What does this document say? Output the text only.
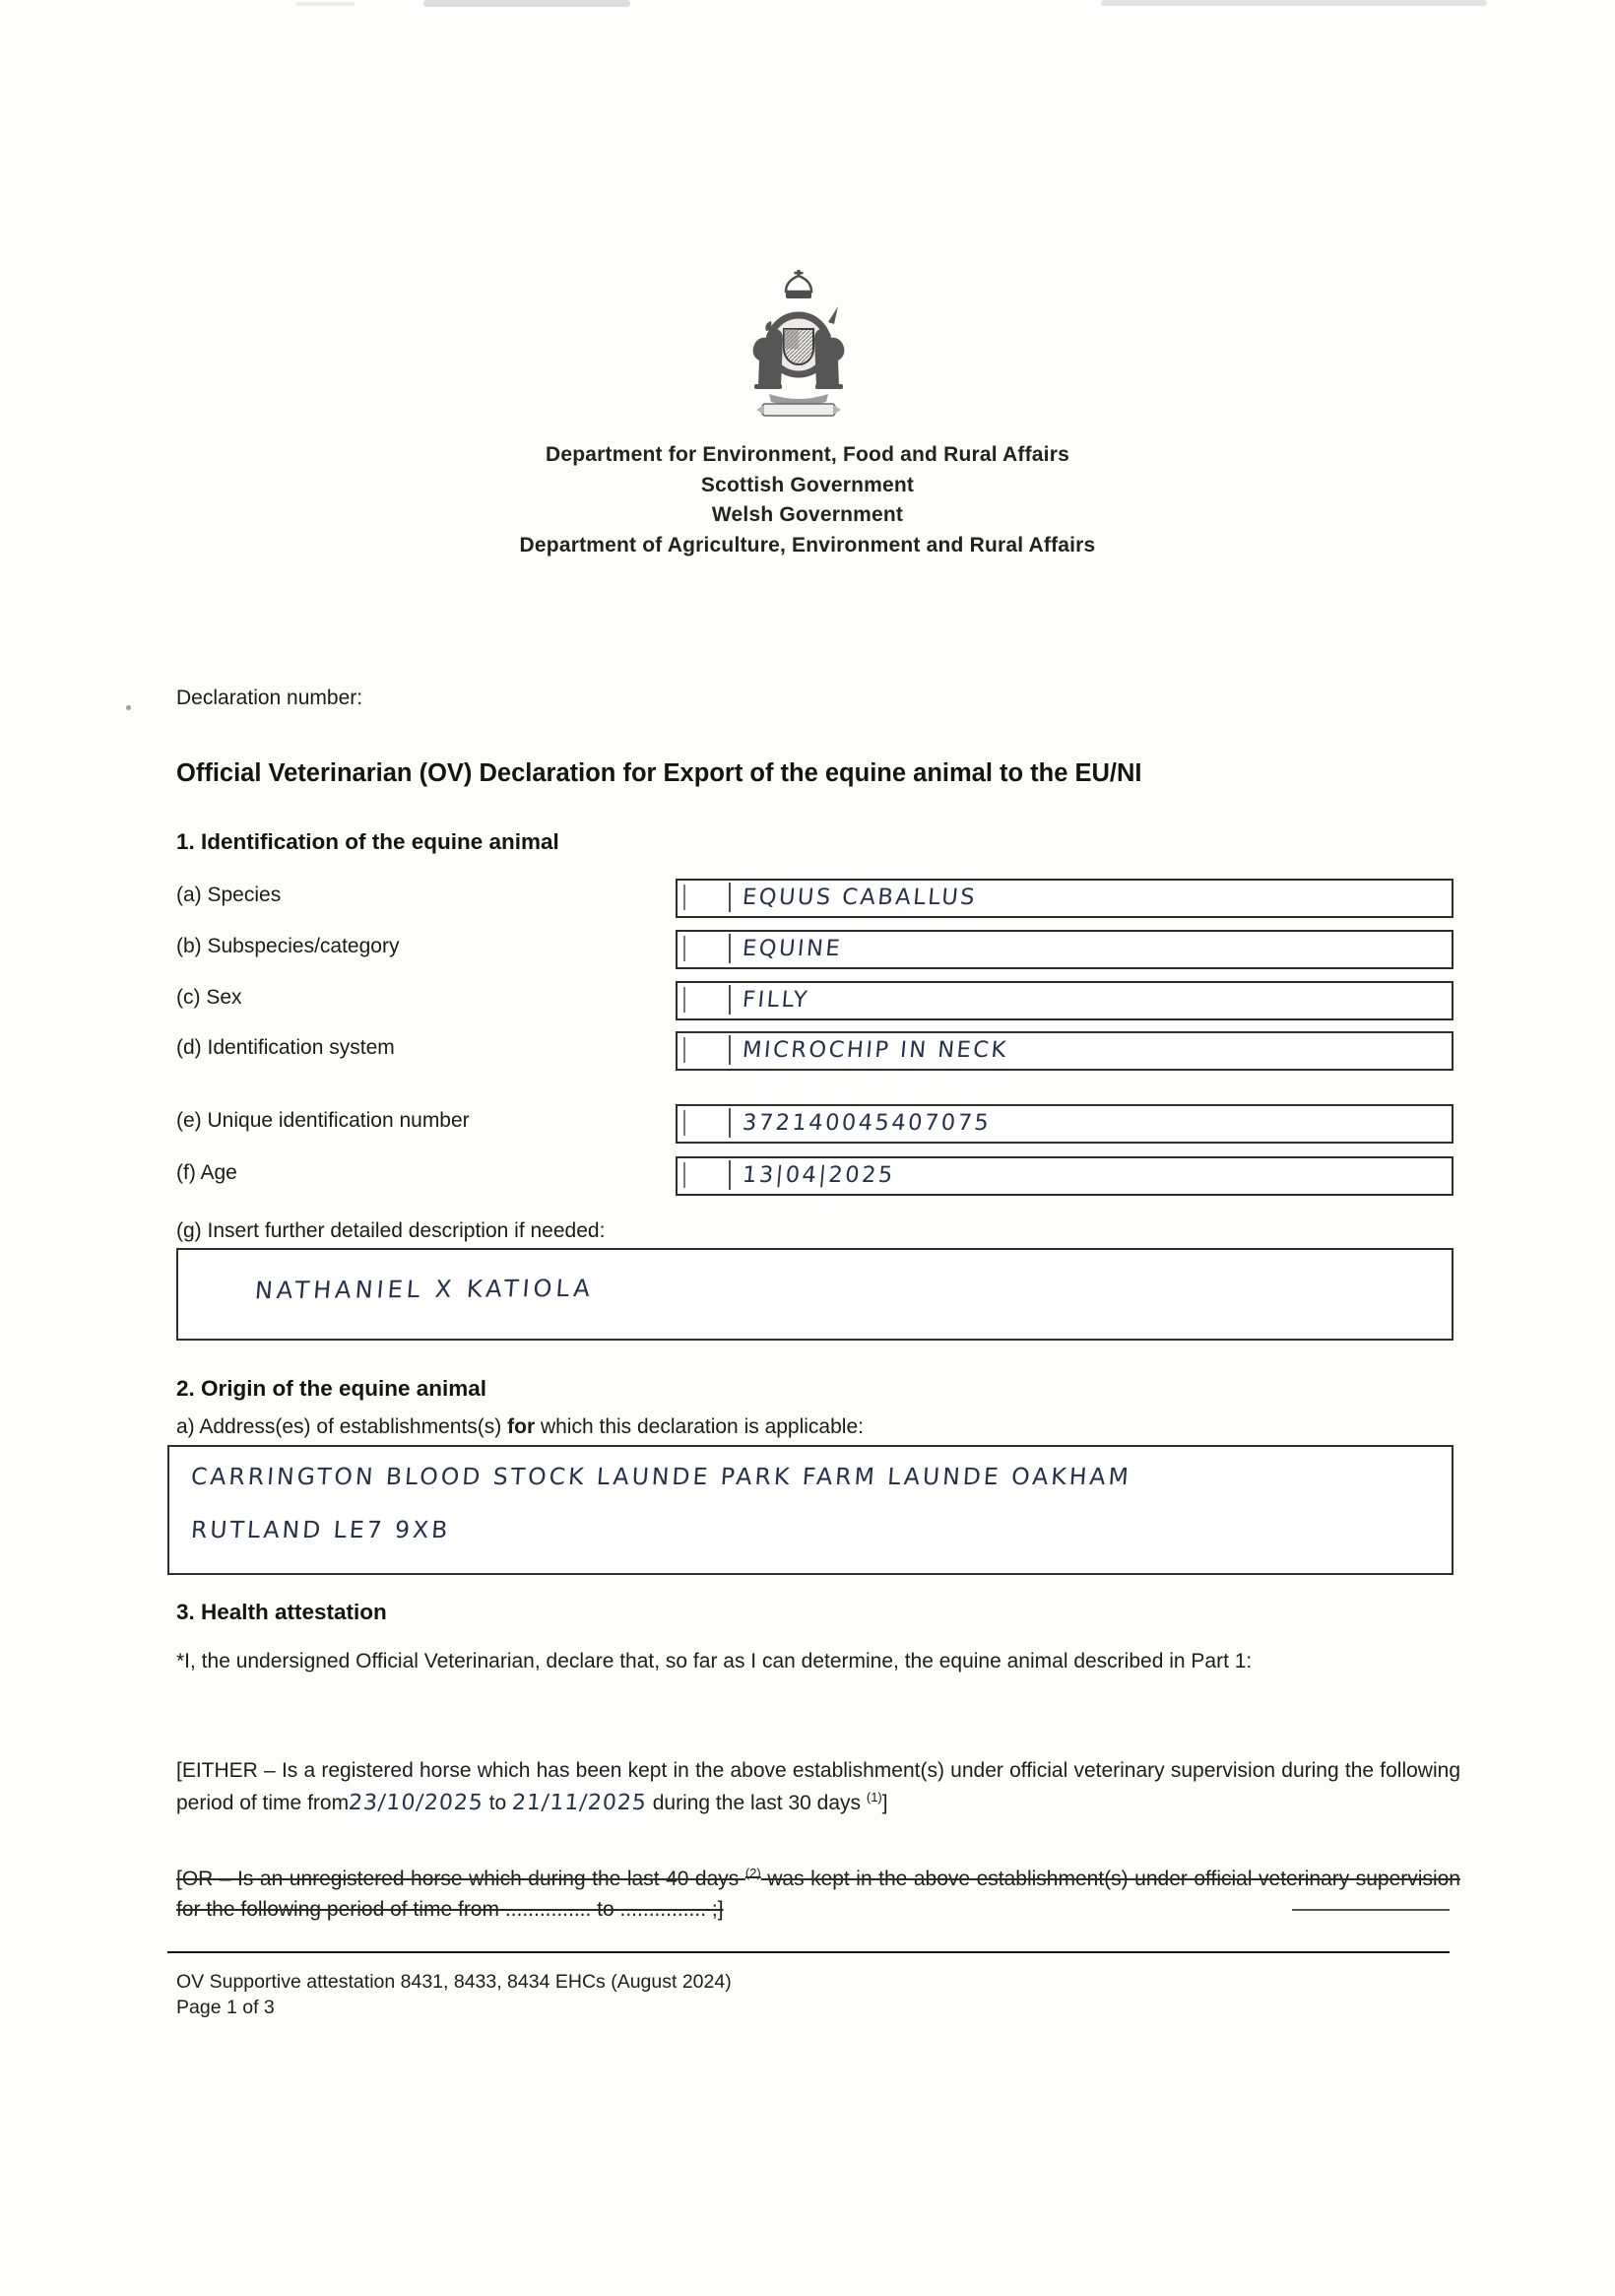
Department for Environment, Food and Rural Affairs
Scottish Government
Welsh Government
Department of Agriculture, Environment and Rural Affairs
Declaration number:
Official Veterinarian (OV) Declaration for Export of the equine animal to the EU/NI
1. Identification of the equine animal
(a) Species	EQUUS CABALLUS
(b) Subspecies/category	EQUINE
(c) Sex	FILLY
(d) Identification system	MICROCHIP IN NECK
(e) Unique identification number	372140045407075
(f) Age	13|04|2025
(g) Insert further detailed description if needed:
NATHANIEL X KATIOLA
2. Origin of the equine animal
a) Address(es) of establishments(s) for which this declaration is applicable:
CARRINGTON BLOOD STOCK LAUNDE PARK FARM LAUNDE OAKHAM
RUTLAND LE7 9XB
3. Health attestation
*I, the undersigned Official Veterinarian, declare that, so far as I can determine, the equine animal described in Part 1:
[EITHER – Is a registered horse which has been kept in the above establishment(s) under official veterinary supervision during the following period of time from23/10/2025 to 21/11/2025 during the last 30 days $^{(1)}$]
[OR – Is an unregistered horse which during the last 40 days $^{(2)}$ was kept in the above establishment(s) under official veterinary supervision for the following period of time from ............... to ............... ;]
OV Supportive attestation 8431, 8433, 8434 EHCs (August 2024)
Page 1 of 3
